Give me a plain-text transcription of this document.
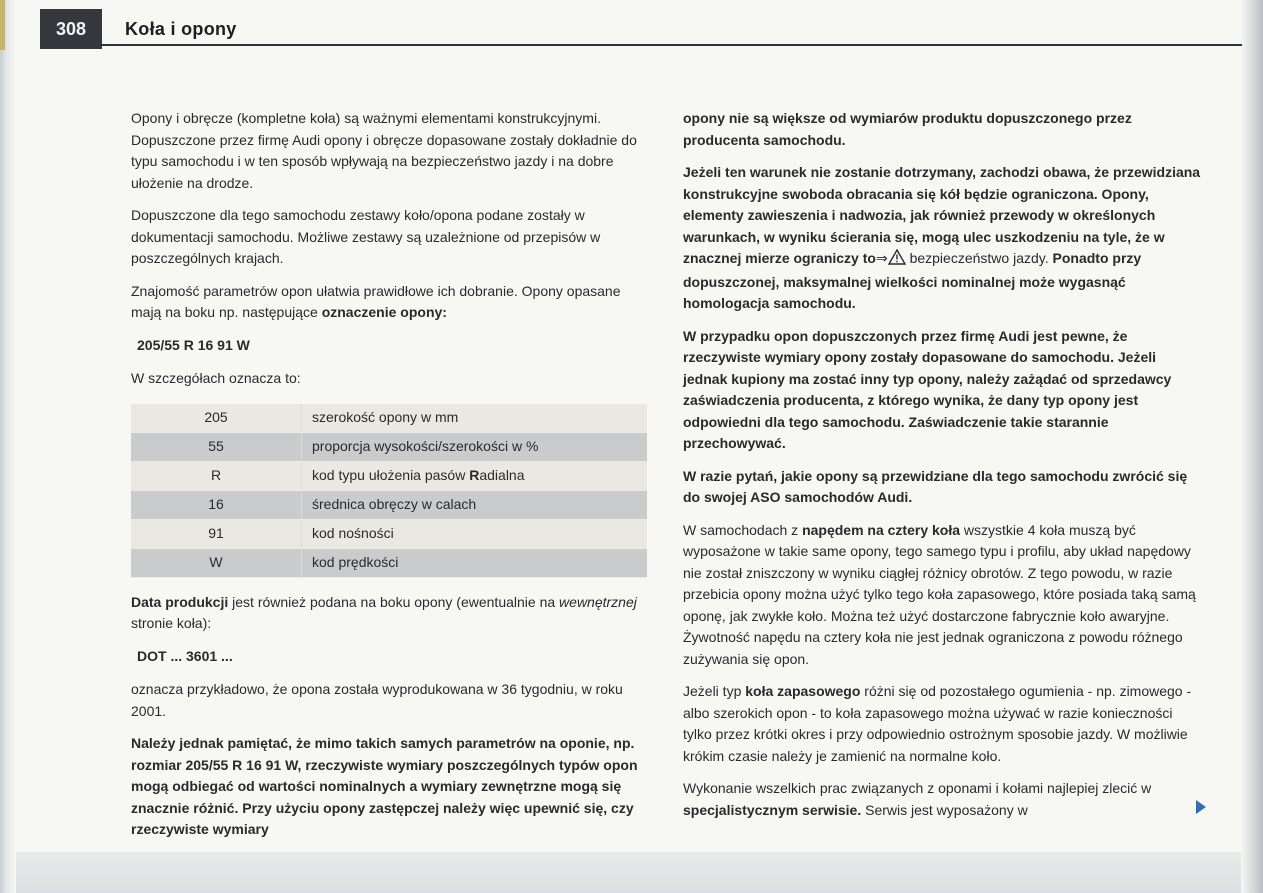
308	Koła i opony

Opony i obręcze (kompletne koła) są ważnymi elementami konstrukcyjnymi. Dopuszczone przez firmę Audi opony i obręcze dopasowane zostały dokładnie do typu samochodu i w ten sposób wpływają na bezpieczeństwo jazdy i na dobre ułożenie na drodze.

Dopuszczone dla tego samochodu zestawy koło/opona podane zostały w dokumentacji samochodu. Możliwe zestawy są uzależnione od przepisów w poszczególnych krajach.

Znajomość parametrów opon ułatwia prawidłowe ich dobranie. Opony opasane mają na boku np. następujące oznaczenie opony:

205/55 R 16 91 W

W szczegółach oznacza to:

205	szerokość opony w mm
55	proporcja wysokości/szerokości w %
R	kod typu ułożenia pasów Radialna
16	średnica obręczy w calach
91	kod nośności
W	kod prędkości

Data produkcji jest również podana na boku opony (ewentualnie na wewnętrznej stronie koła):

DOT ... 3601 ...

oznacza przykładowo, że opona została wyprodukowana w 36 tygodniu, w roku 2001.

Należy jednak pamiętać, że mimo takich samych parametrów na oponie, np. rozmiar 205/55 R 16 91 W, rzeczywiste wymiary poszczególnych typów opon mogą odbiegać od wartości nominalnych a wymiary zewnętrzne mogą się znacznie różnić. Przy użyciu opony zastępczej należy więc upewnić się, czy rzeczywiste wymiary

opony nie są większe od wymiarów produktu dopuszczonego przez producenta samochodu.

Jeżeli ten warunek nie zostanie dotrzymany, zachodzi obawa, że przewidziana konstrukcyjne swoboda obracania się kół będzie ograniczona. Opony, elementy zawieszenia i nadwozia, jak również przewody w określonych warunkach, w wyniku ścierania się, mogą ulec uszkodzeniu na tyle, że w znacznej mierze ograniczy to⇒ bezpieczeństwo jazdy. Ponadto przy dopuszczonej, maksymalnej wielkości nominalnej może wygasnąć homologacja samochodu.

W przypadku opon dopuszczonych przez firmę Audi jest pewne, że rzeczywiste wymiary opony zostały dopasowane do samochodu. Jeżeli jednak kupiony ma zostać inny typ opony, należy zażądać od sprzedawcy zaświadczenia producenta, z którego wynika, że dany typ opony jest odpowiedni dla tego samochodu. Zaświadczenie takie starannie przechowywać.

W razie pytań, jakie opony są przewidziane dla tego samochodu zwrócić się do swojej ASO samochodów Audi.

W samochodach z napędem na cztery koła wszystkie 4 koła muszą być wyposażone w takie same opony, tego samego typu i profilu, aby układ napędowy nie został zniszczony w wyniku ciągłej różnicy obrotów. Z tego powodu, w razie przebicia opony można użyć tylko tego koła zapasowego, które posiada taką samą oponę, jak zwykłe koło. Można też użyć dostarczone fabrycznie koło awaryjne. Żywotność napędu na cztery koła nie jest jednak ograniczona z powodu różnego zużywania się opon.

Jeżeli typ koła zapasowego różni się od pozostałego ogumienia - np. zimowego - albo szerokich opon - to koła zapasowego można używać w razie konieczności tylko przez krótki okres i przy odpowiednio ostrożnym sposobie jazdy. W możliwie krókim czasie należy je zamienić na normalne koło.

Wykonanie wszelkich prac związanych z oponami i kołami najlepiej zlecić w specjalistycznym serwisie. Serwis jest wyposażony w
